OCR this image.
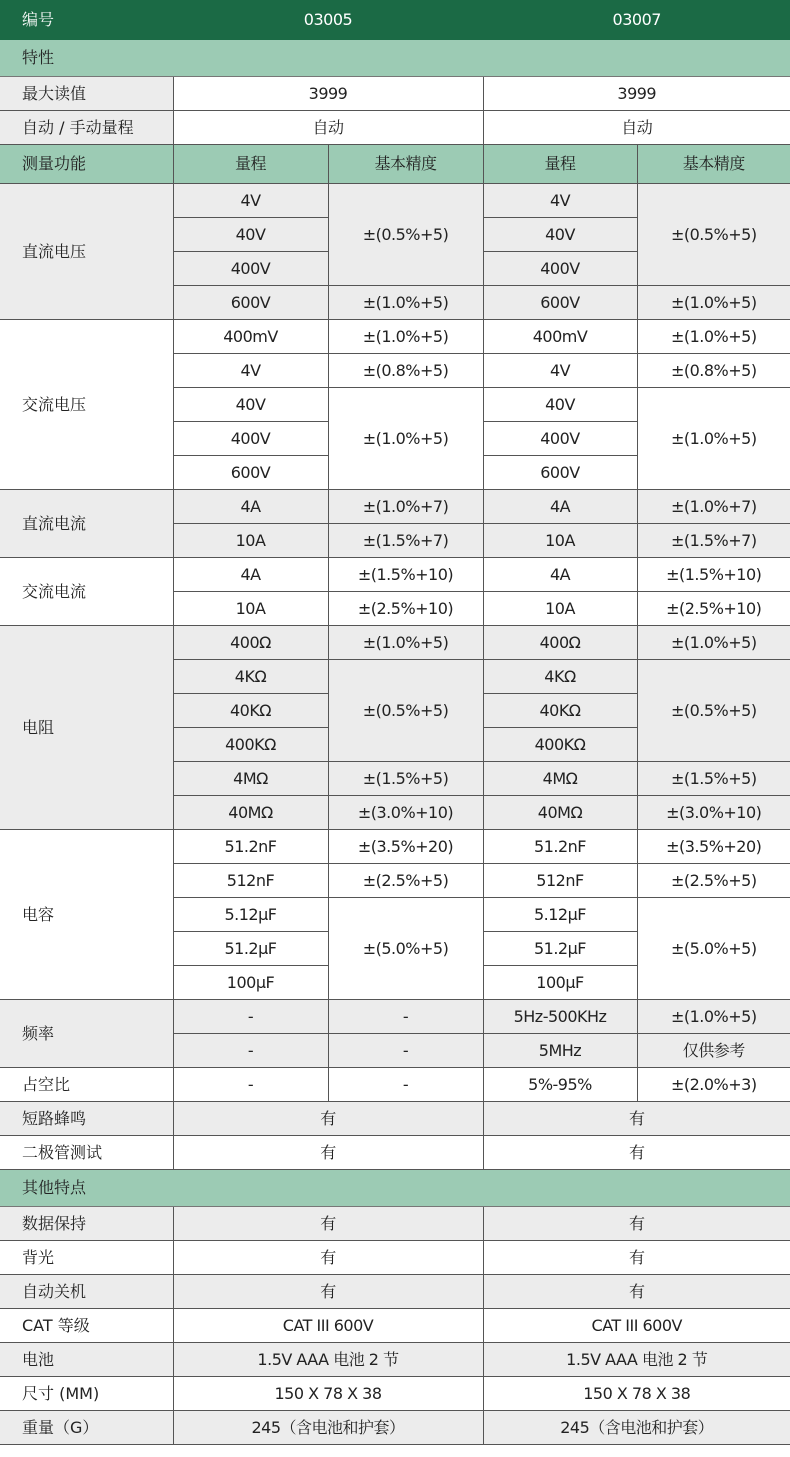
编号	03005		03007	
特性				
最大读值	3999		3999	
自动 / 手动量程	自动		自动	
测量功能	量程	基本精度	量程	基本精度
直流电压	4V	±(0.5%+5)	4V	±(0.5%+5)
	40V		40V	
	400V		400V	
	600V	±(1.0%+5)	600V	±(1.0%+5)
交流电压	400mV	±(1.0%+5)	400mV	±(1.0%+5)
	4V	±(0.8%+5)	4V	±(0.8%+5)
	40V	±(1.0%+5)	40V	±(1.0%+5)
	400V		400V	
	600V		600V	
直流电流	4A	±(1.0%+7)	4A	±(1.0%+7)
	10A	±(1.5%+7)	10A	±(1.5%+7)
交流电流	4A	±(1.5%+10)	4A	±(1.5%+10)
	10A	±(2.5%+10)	10A	±(2.5%+10)
电阻	400Ω	±(1.0%+5)	400Ω	±(1.0%+5)
	4KΩ	±(0.5%+5)	4KΩ	±(0.5%+5)
	40KΩ		40KΩ	
	400KΩ		400KΩ	
	4MΩ	±(1.5%+5)	4MΩ	±(1.5%+5)
	40MΩ	±(3.0%+10)	40MΩ	±(3.0%+10)
电容	51.2nF	±(3.5%+20)	51.2nF	±(3.5%+20)
	512nF	±(2.5%+5)	512nF	±(2.5%+5)
	5.12μF	±(5.0%+5)	5.12μF	±(5.0%+5)
	51.2μF		51.2μF	
	100μF		100μF	
频率	-	-	5Hz-500KHz	±(1.0%+5)
	-	-	5MHz	仅供参考
占空比	-	-	5%-95%	±(2.0%+3)
短路蜂鸣	有		有	
二极管测试	有		有	
其他特点				
数据保持	有		有	
背光	有		有	
自动关机	有		有	
CAT 等级	CAT III 600V		CAT III 600V	
电池	1.5V AAA 电池 2 节		1.5V AAA 电池 2 节	
尺寸 (MM)	150 X 78 X 38		150 X 78 X 38	
重量（G）	245（含电池和护套）		245（含电池和护套）	
